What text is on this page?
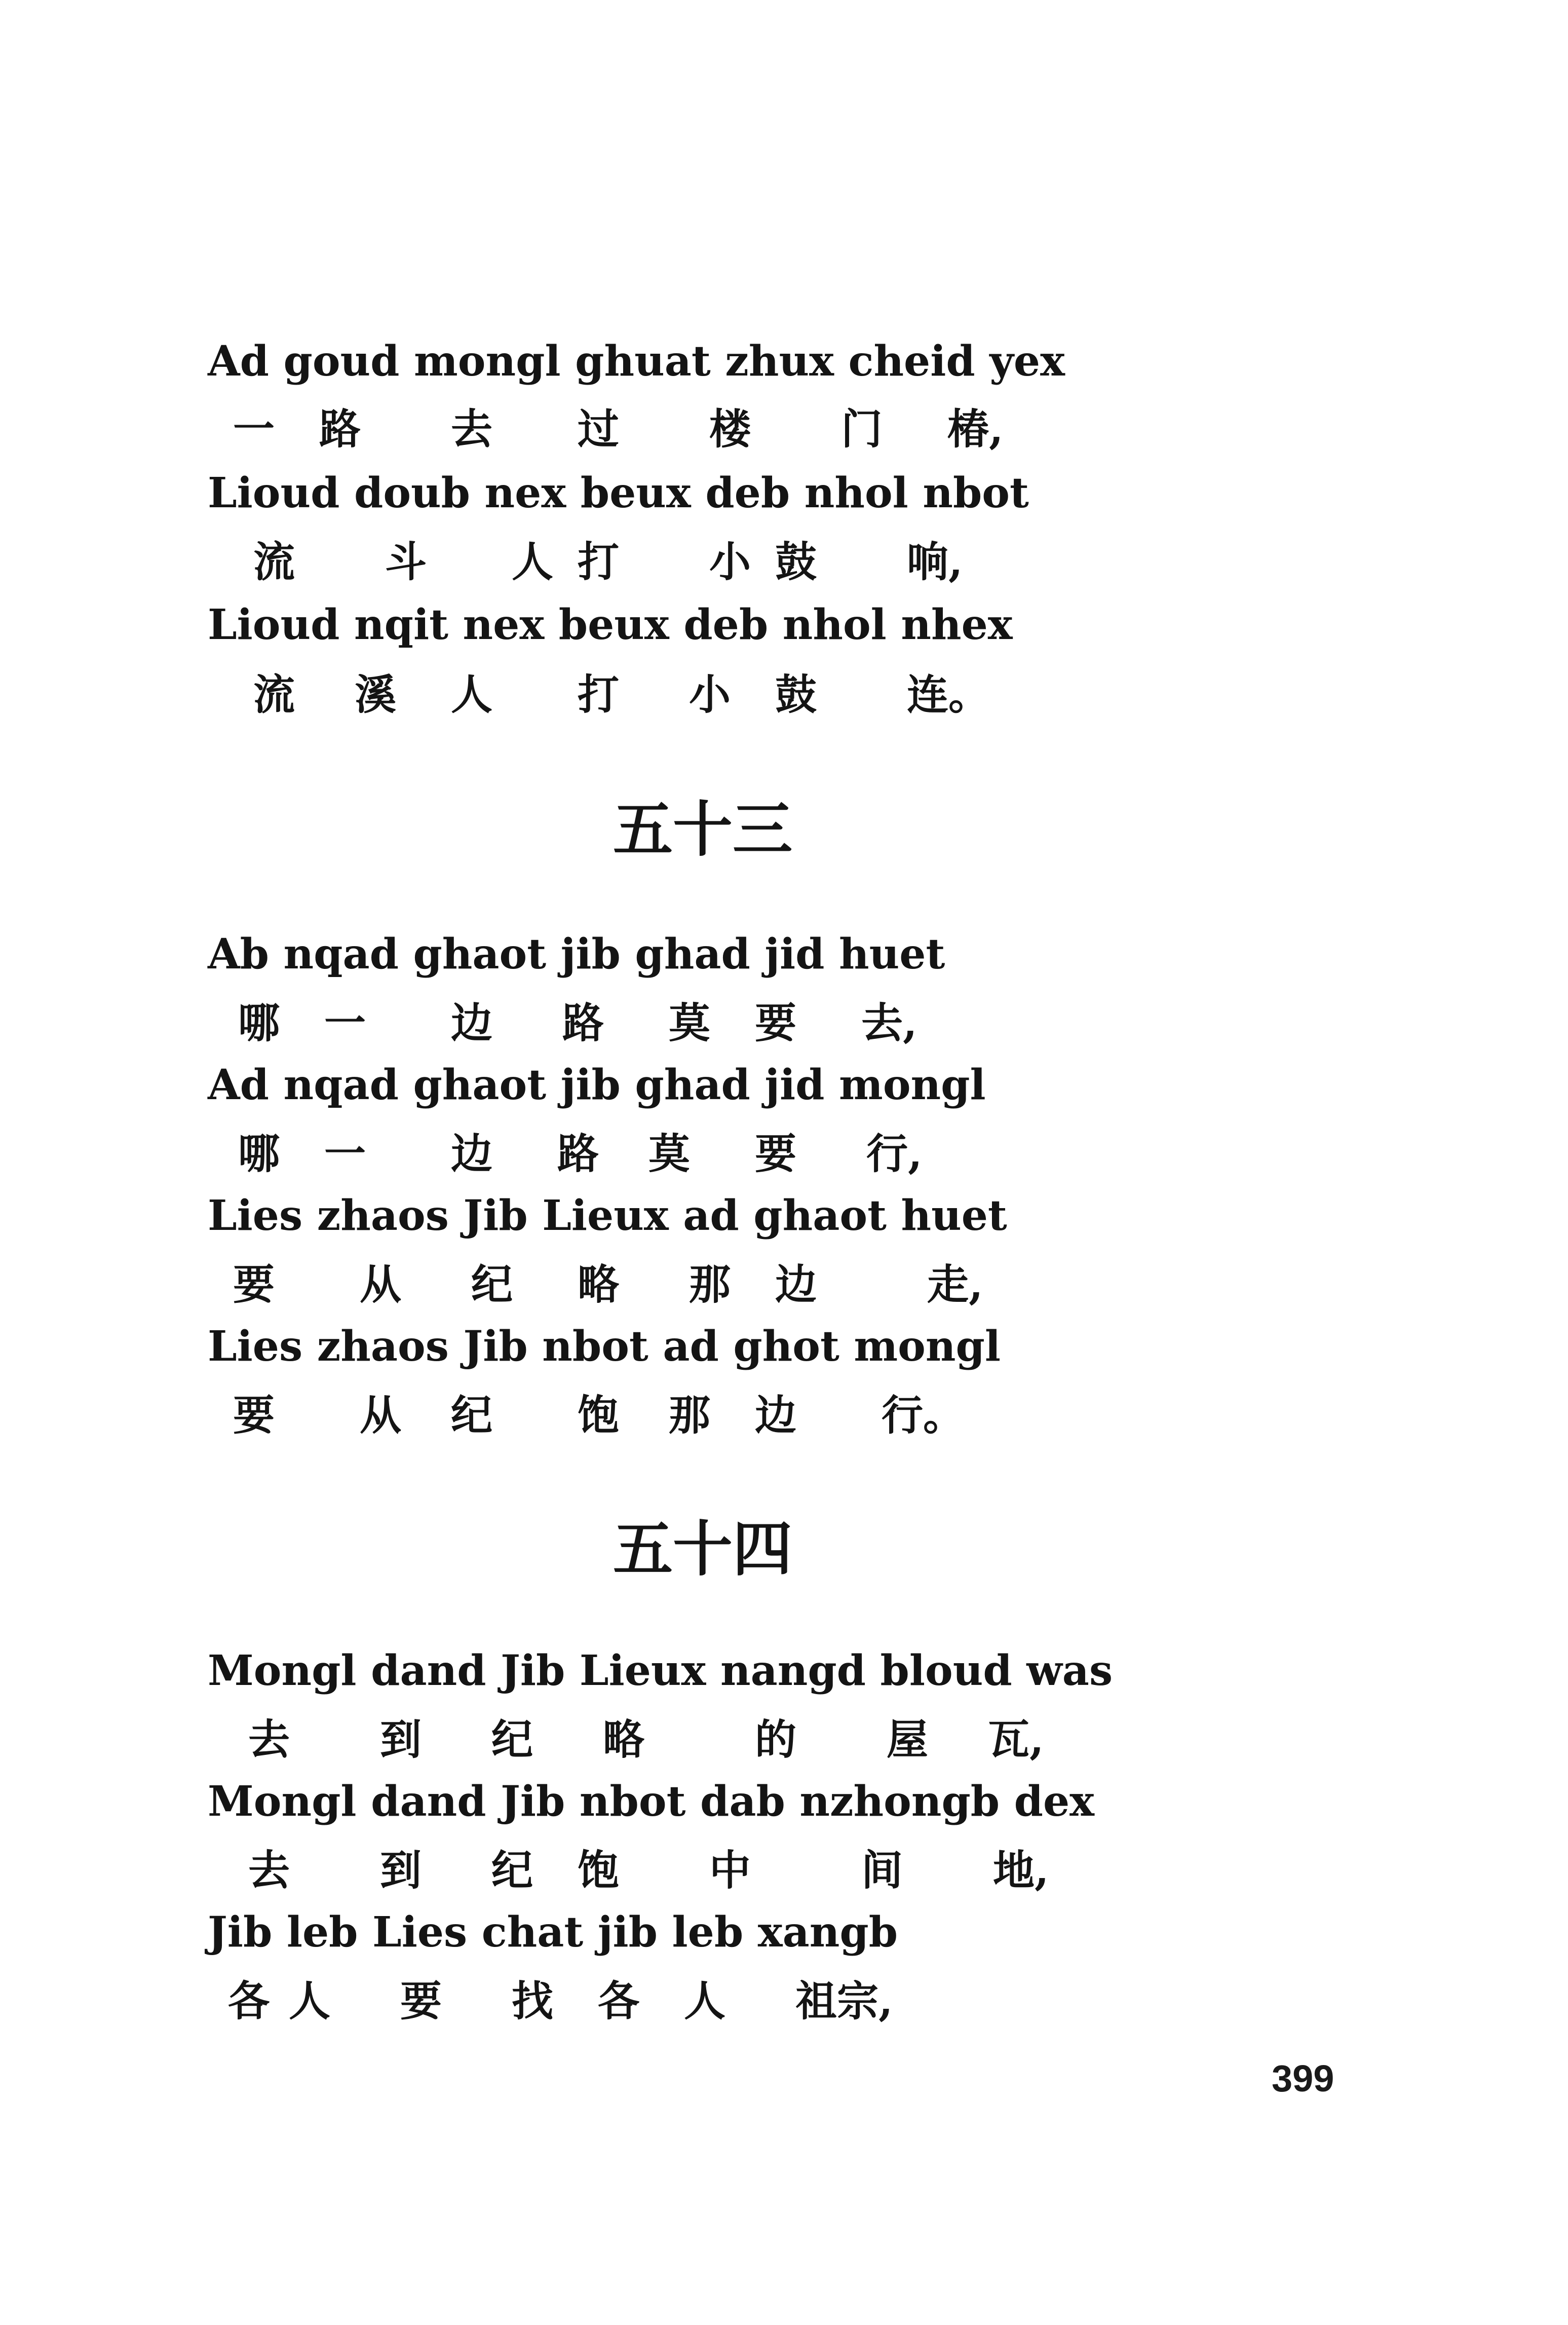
Ad goud mongl ghuat zhux cheid yex
一 路 去 过 楼 门 椿,
Lioud doub nex beux deb nhol nbot
流 斗 人 打 小 鼓 响,
Lioud nqit nex beux deb nhol nhex
流 溪 人 打 小 鼓 连。
五十三
Ab nqad ghaot jib ghad jid huet
哪 一 边 路 莫 要 去,
Ad nqad ghaot jib ghad jid mongl
哪 一 边 路 莫 要 行,
Lies zhaos Jib Lieux ad ghaot huet
要 从 纪 略 那 边	走,
Lies zhaos Jib nbot ad ghot mongl
要 从 纪 饱 那 边 行。
五十四
Mongl dand Jib Lieux nangd bloud was
去 到 纪 略	的 屋 瓦,
Mongl dand Jib nbot dab nzhongb dex
去 到 纪 饱 中	间 地,
Jib leb Lies chat jib leb xangb
各 人 要 找 各 人 祖宗,
399
